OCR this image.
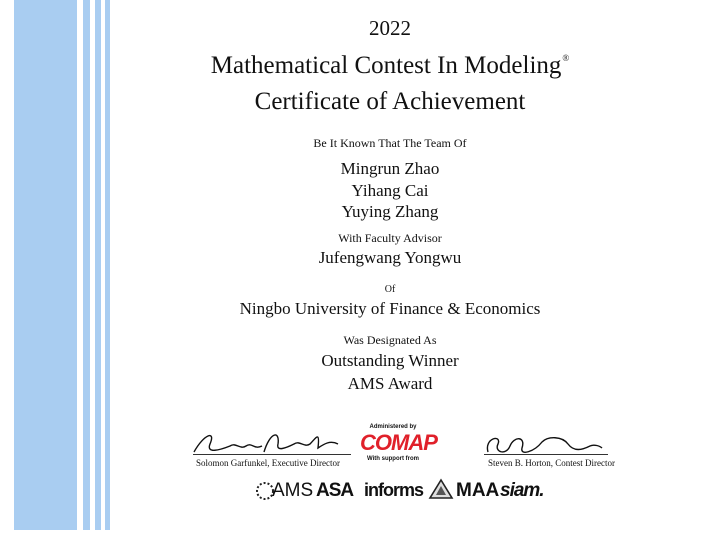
2022
Mathematical Contest In Modeling®
Certificate of Achievement
Be It Known That The Team Of
Mingrun Zhao
Yihang Cai
Yuying Zhang
With Faculty Advisor
Jufengwang Yongwu
Of
Ningbo University of Finance & Economics
Was Designated As
Outstanding Winner
AMS Award
Solomon Garfunkel, Executive Director	Steven B. Horton, Contest Director
Administered by
COMAP
With support from
AMS ASA informs MAA siam.
